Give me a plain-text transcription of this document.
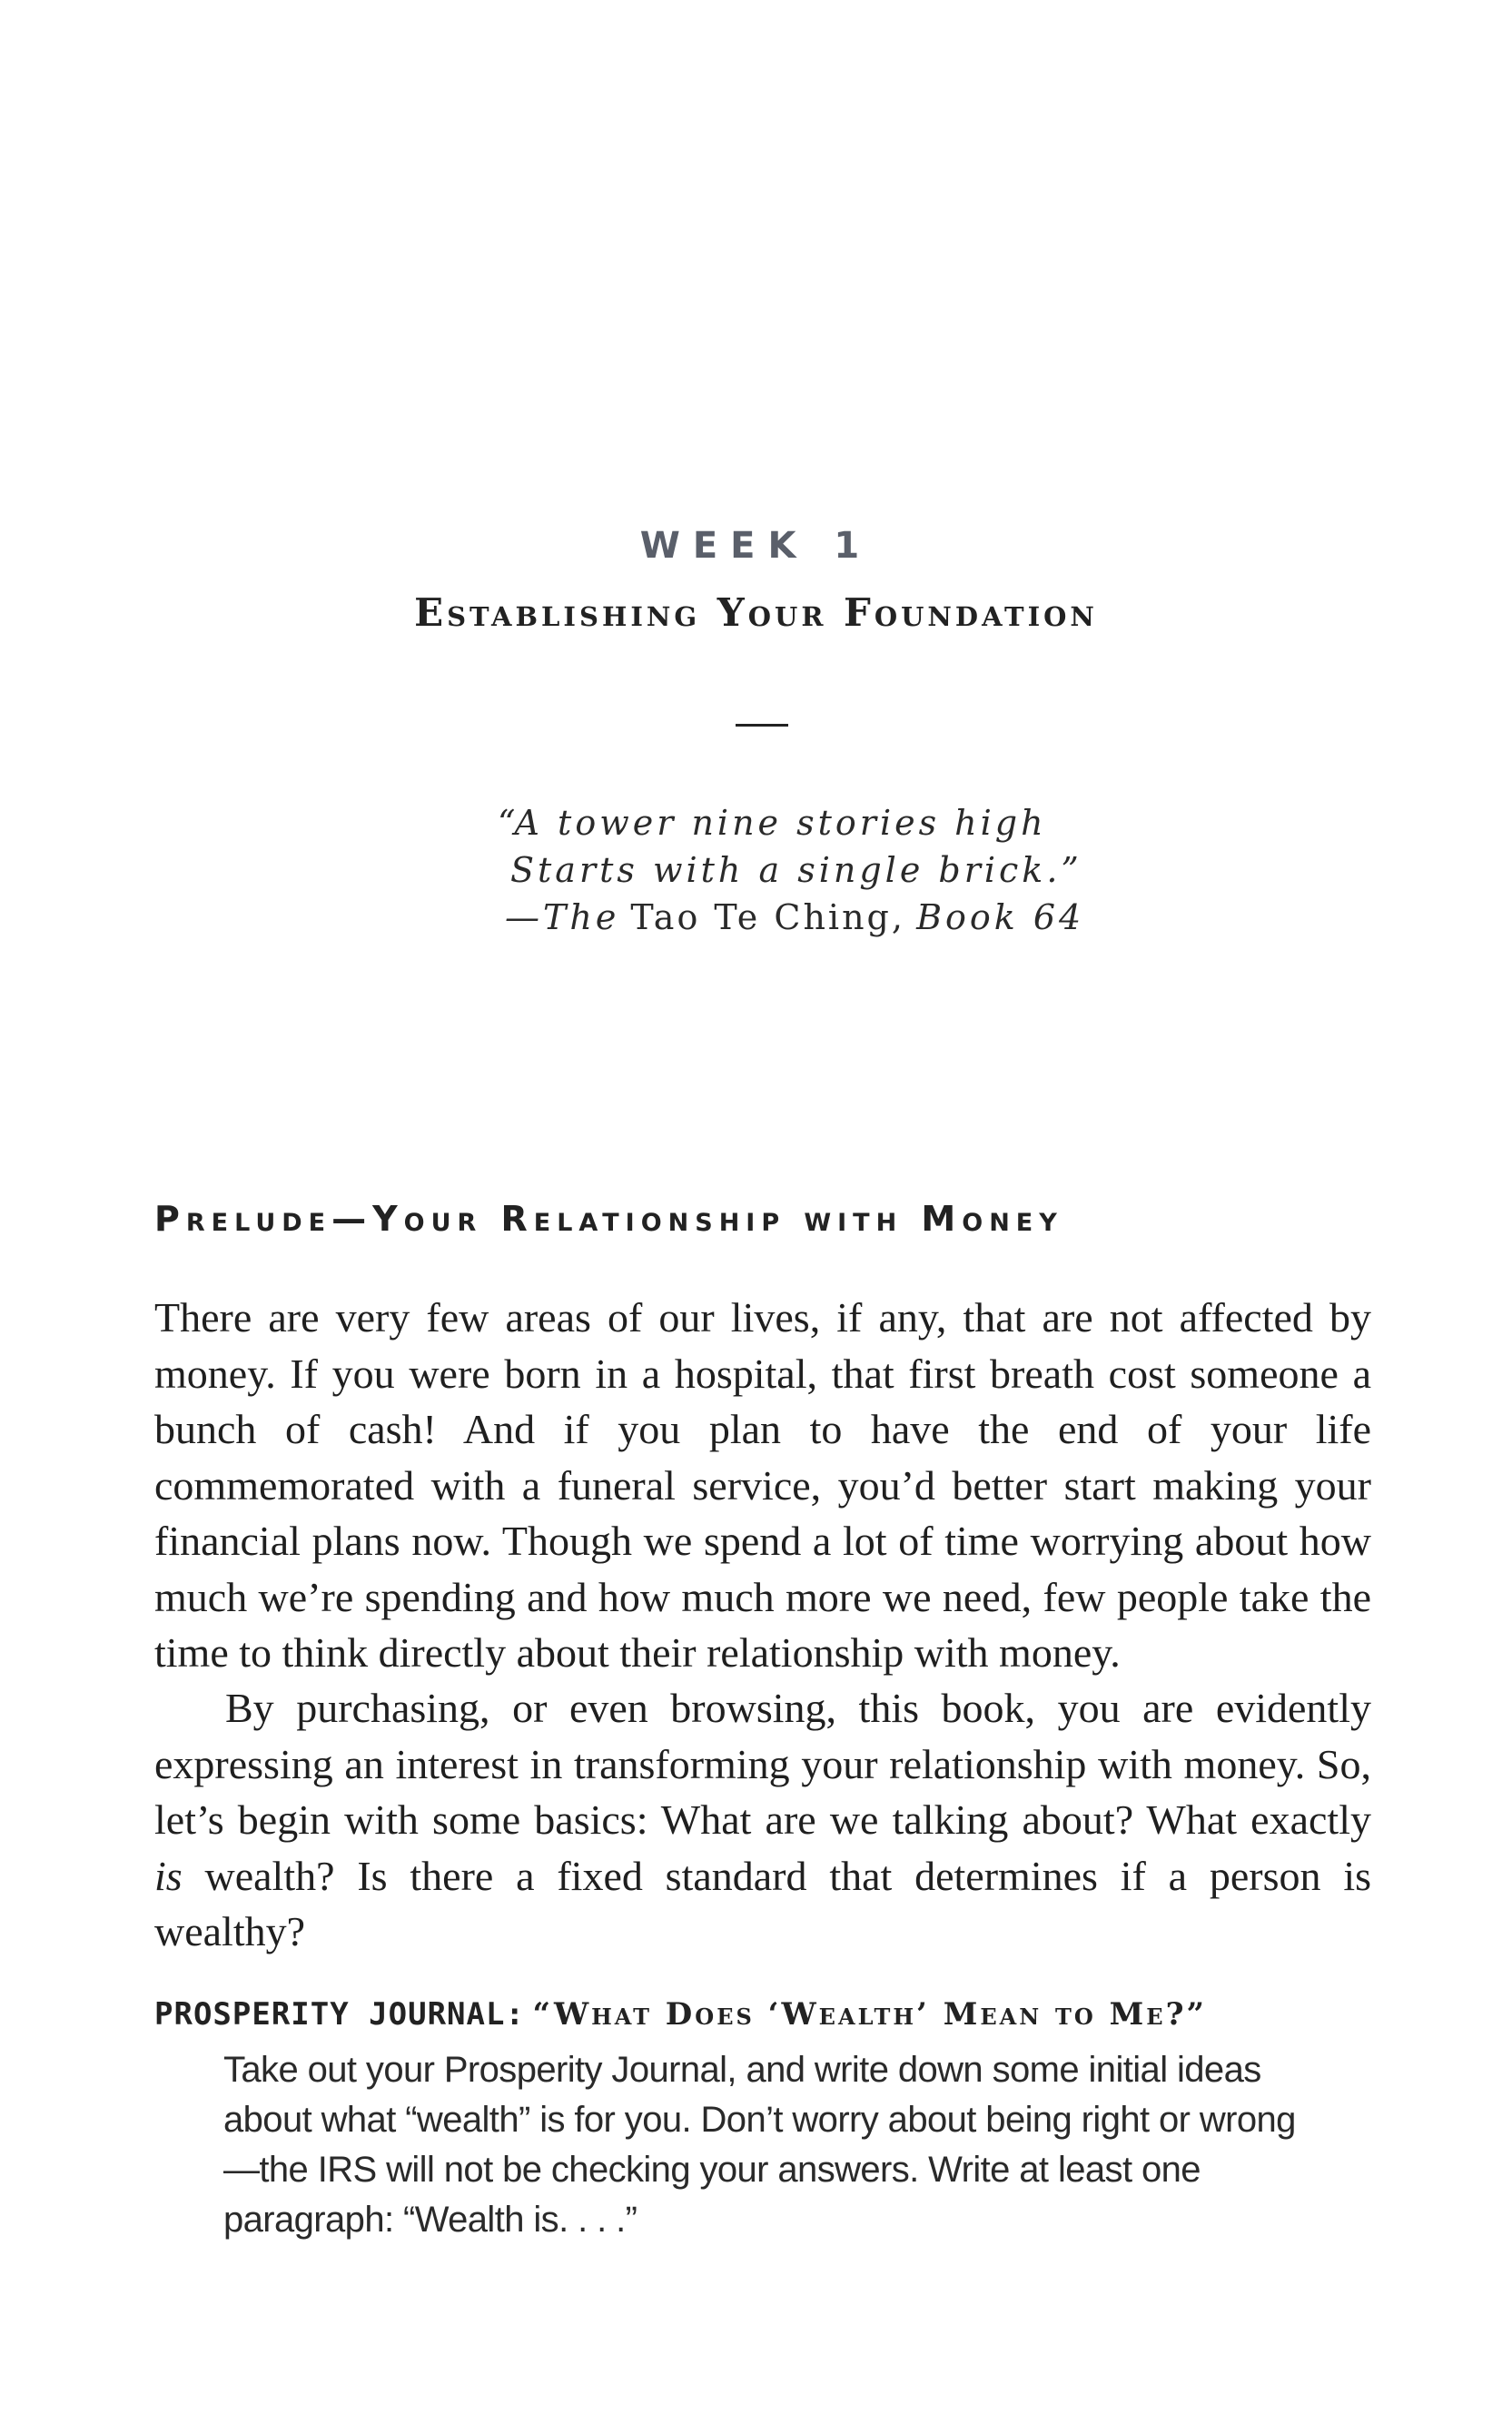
WEEK 1
Establishing Your Foundation
“A tower nine stories high
Starts with a single brick.”
—The Tao Te Ching, Book 64
Prelude—Your Relationship with Money
There are very few areas of our lives, if any, that are not affected by money. If you were born in a hospital, that first breath cost someone a bunch of cash! And if you plan to have the end of your life commemorated with a funeral service, you’d better start making your financial plans now. Though we spend a lot of time worrying about how much we’re spending and how much more we need, few people take the time to think directly about their relationship with money.
By purchasing, or even browsing, this book, you are evidently expressing an interest in transforming your relationship with money. So, let’s begin with some basics: What are we talking about? What exactly is wealth? Is there a fixed standard that determines if a person is wealthy?
PROSPERITY JOURNAL: “What Does ‘Wealth’ Mean to Me?”
Take out your Prosperity Journal, and write down some initial ideas about what “wealth” is for you. Don’t worry about being right or wrong—the IRS will not be checking your answers. Write at least one paragraph: “Wealth is. . . .”
